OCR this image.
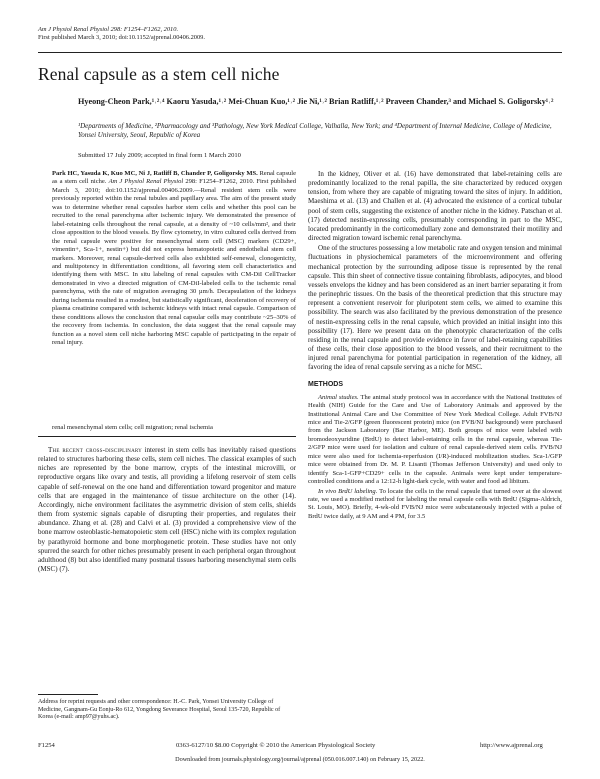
Am J Physiol Renal Physiol 298: F1254–F1262, 2010.
First published March 3, 2010; doi:10.1152/ajprenal.00406.2009.
Renal capsule as a stem cell niche
Hyeong-Cheon Park,¹˒²˒⁴ Kaoru Yasuda,¹˒² Mei-Chuan Kuo,¹˒² Jie Ni,¹˒² Brian Ratliff,¹˒² Praveen Chander,³ and Michael S. Goligorsky¹˒²
¹Departments of Medicine, ²Pharmacology and ³Pathology, New York Medical College, Valhalla, New York; and ⁴Department of Internal Medicine, College of Medicine, Yonsei University, Seoul, Republic of Korea
Submitted 17 July 2009; accepted in final form 1 March 2010
Park HC, Yasuda K, Kuo MC, Ni J, Ratliff B, Chander P, Goligorsky MS. Renal capsule as a stem cell niche. Am J Physiol Renal Physiol 298: F1254–F1262, 2010. First published March 3, 2010; doi:10.1152/ajprenal.00406.2009.—Renal resident stem cells were previously reported within the renal tubules and papillary area. The aim of the present study was to determine whether renal capsules harbor stem cells and whether this pool can be recruited to the renal parenchyma after ischemic injury. We demonstrated the presence of label-retaining cells throughout the renal capsule, at a density of ~10 cells/mm², and their close apposition to the blood vessels. By flow cytometry, in vitro cultured cells derived from the renal capsule were positive for mesenchymal stem cell (MSC) markers (CD29+, vimentin+, Sca-1+, nestin+) but did not express hematopoietic and endothelial stem cell markers. Moreover, renal capsule-derived cells also exhibited self-renewal, clonogenicity, and multipotency in differentiation conditions, all favoring stem cell characteristics and identifying them with MSC. In situ labeling of renal capsules with CM-DiI CellTracker demonstrated in vivo a directed migration of CM-DiI-labeled cells to the ischemic renal parenchyma, with the rate of migration averaging 30 µm/h. Decapsulation of the kidneys during ischemia resulted in a modest, but statistically significant, deceleration of recovery of plasma creatinine compared with ischemic kidneys with intact renal capsule. Comparison of these conditions allows the conclusion that renal capsular cells may contribute ~25–30% of the recovery from ischemia. In conclusion, the data suggest that the renal capsule may function as a novel stem cell niche harboring MSC capable of participating in the repair of renal injury.
renal mesenchymal stem cells; cell migration; renal ischemia

The recent cross-disciplinary interest in stem cells has inevitably raised questions related to structures harboring these cells, stem cell niches. The classical examples of such niches are represented by the bone marrow, crypts of the intestinal microvilli, or reproductive organs like ovary and testis, all providing a lifelong reservoir of stem cells capable of self-renewal on the one hand and differentiation toward progenitor and mature cells that are engaged in the maintenance of tissue architecture on the other (14). Accordingly, niche environment facilitates the asymmetric division of stem cells, shields them from systemic signals capable of disrupting their properties, and regulates their abundance. Zhang et al. (28) and Calvi et al. (3) provided a comprehensive view of the bone marrow osteoblastic-hematopoietic stem cell (HSC) niche with its complex regulation by parathyroid hormone and bone morphogenetic protein. These studies have not only spurred the search for other niches presumably present in each peripheral organ throughout adulthood (8) but also identified many postnatal tissues harboring mesenchymal stem cells (MSC) (7).

Address for reprint requests and other correspondence: H.-C. Park, Yonsei University College of Medicine, Gangnam-Gu Eonju-Ro 612, Yongdong Severance Hospital, Seoul 135-720, Republic of Korea (e-mail: amp97@yuhs.ac).

In the kidney, Oliver et al. (16) have demonstrated that label-retaining cells are predominantly localized to the renal papilla, the site characterized by reduced oxygen tension, from where they are capable of migrating toward the sites of injury. In addition, Maeshima et al. (13) and Challen et al. (4) advocated the existence of a cortical tubular pool of stem cells, suggesting the existence of another niche in the kidney. Patschan et al. (17) detected nestin-expressing cells, presumably corresponding in part to the MSC, located predominantly in the corticomedullary zone and demonstrated their motility and directed migration toward ischemic renal parenchyma.

One of the structures possessing a low metabolic rate and oxygen tension and minimal fluctuations in physiochemical parameters of the microenvironment and offering mechanical protection by the surrounding adipose tissue is represented by the renal capsule. This thin sheet of connective tissue containing fibroblasts, adipocytes, and blood vessels envelops the kidney and has been considered as an inert barrier separating it from the perinephric tissues. On the basis of the theoretical prediction that this structure may represent a convenient reservoir for pluripotent stem cells, we aimed to examine this possibility. The search was also facilitated by the previous demonstration of the presence of nestin-expressing cells in the renal capsule, which provided an initial insight into this possibility (17). Here we present data on the phenotypic characterization of the cells residing in the renal capsule and provide evidence in favor of label-retaining capabilities of these cells, their close apposition to the blood vessels, and their recruitment to the injured renal parenchyma for potential participation in regeneration of the kidney, all favoring the idea of renal capsule serving as a niche for MSC.

METHODS

Animal studies. The animal study protocol was in accordance with the National Institutes of Health (NIH) Guide for the Care and Use of Laboratory Animals and approved by the Institutional Animal Care and Use Committee of New York Medical College. Adult FVB/NJ mice and Tie-2/GFP (green fluorescent protein) mice (on FVB/NJ background) were purchased from the Jackson Laboratory (Bar Harbor, ME). Both groups of mice were labeled with bromodeoxyuridine (BrdU) to detect label-retaining cells in the renal capsule, whereas Tie-2/GFP mice were used for isolation and culture of renal capsule-derived stem cells. FVB/NJ mice were also used for ischemia-reperfusion (I/R)-induced mobilization studies. Sca-1/GFP mice were obtained from Dr. M. P. Lisanti (Thomas Jefferson University) and used only to identify Sca-1-GFP+CD29+ cells in the capsule. Animals were kept under temperature-controlled conditions and a 12:12-h light-dark cycle, with water and food ad libitum.

In vivo BrdU labeling. To locate the cells in the renal capsule that turned over at the slowest rate, we used a modified method for labeling the renal capsule cells with BrdU (Sigma-Aldrich, St. Louis, MO). Briefly, 4-wk-old FVB/NJ mice were subcutaneously injected with a pulse of BrdU twice daily, at 9 AM and 4 PM, for 3.5

F1254	0363-6127/10 $8.00 Copyright © 2010 the American Physiological Society	http://www.ajprenal.org
Downloaded from journals.physiology.org/journal/ajprenal (050.016.007.140) on February 15, 2022.
